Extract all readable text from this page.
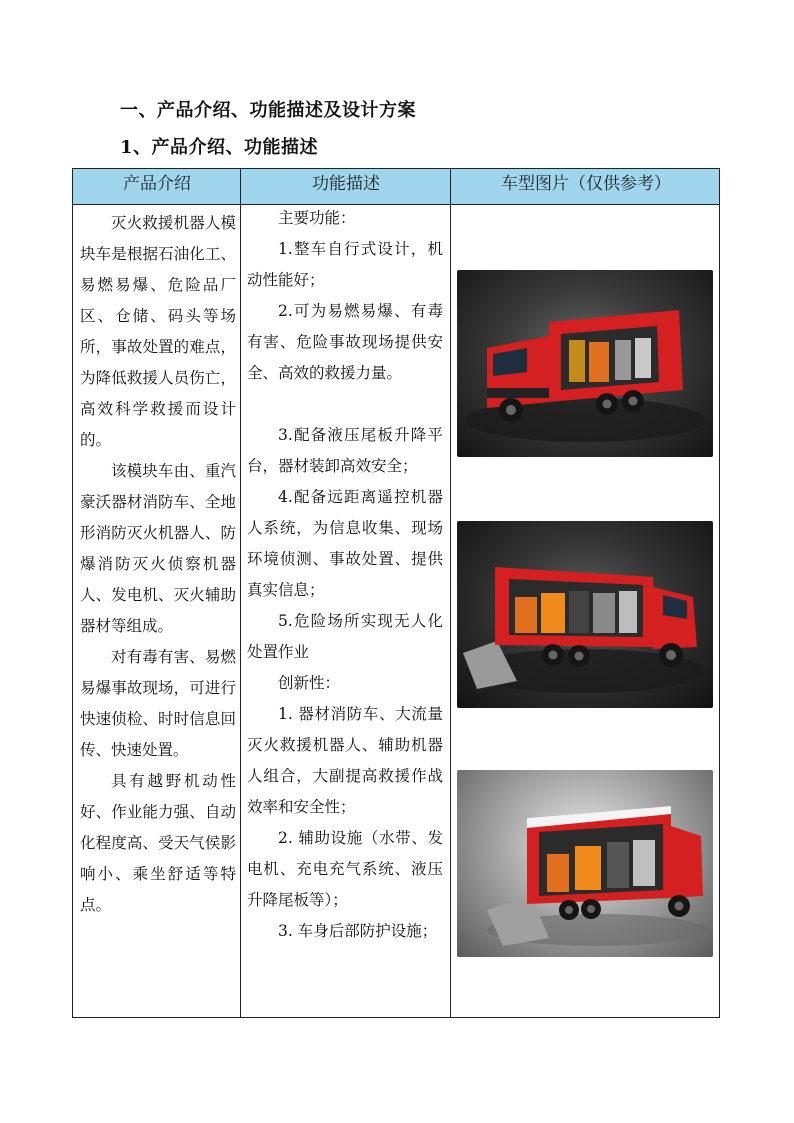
一、产品介绍、功能描述及设计方案
1、产品介绍、功能描述
产品介绍	功能描述	车型图片（仅供参考）

灭火救援机器人模块车是根据石油化工、易燃易爆、危险品厂区、仓储、码头等场所，事故处置的难点，为降低救援人员伤亡，高效科学救援而设计的。

该模块车由、重汽豪沃器材消防车、全地形消防灭火机器人、防爆消防灭火侦察机器人、发电机、灭火辅助器材等组成。

对有毒有害、易燃易爆事故现场，可进行快速侦检、时时信息回传、快速处置。

具有越野机动性好、作业能力强、自动化程度高、受天气侯影响小、乘坐舒适等特点。

主要功能：

1.整车自行式设计，机动性能好；

2.可为易燃易爆、有毒有害、危险事故现场提供安全、高效的救援力量。

3.配备液压尾板升降平台，器材装卸高效安全；

4.配备远距离遥控机器人系统，为信息收集、现场环境侦测、事故处置、提供真实信息；

5.危险场所实现无人化处置作业

创新性：

1. 器材消防车、大流量灭火救援机器人、辅助机器人组合，大副提高救援作战效率和安全性；

2. 辅助设施（水带、发电机、充电充气系统、液压升降尾板等）；

3. 车身后部防护设施；
